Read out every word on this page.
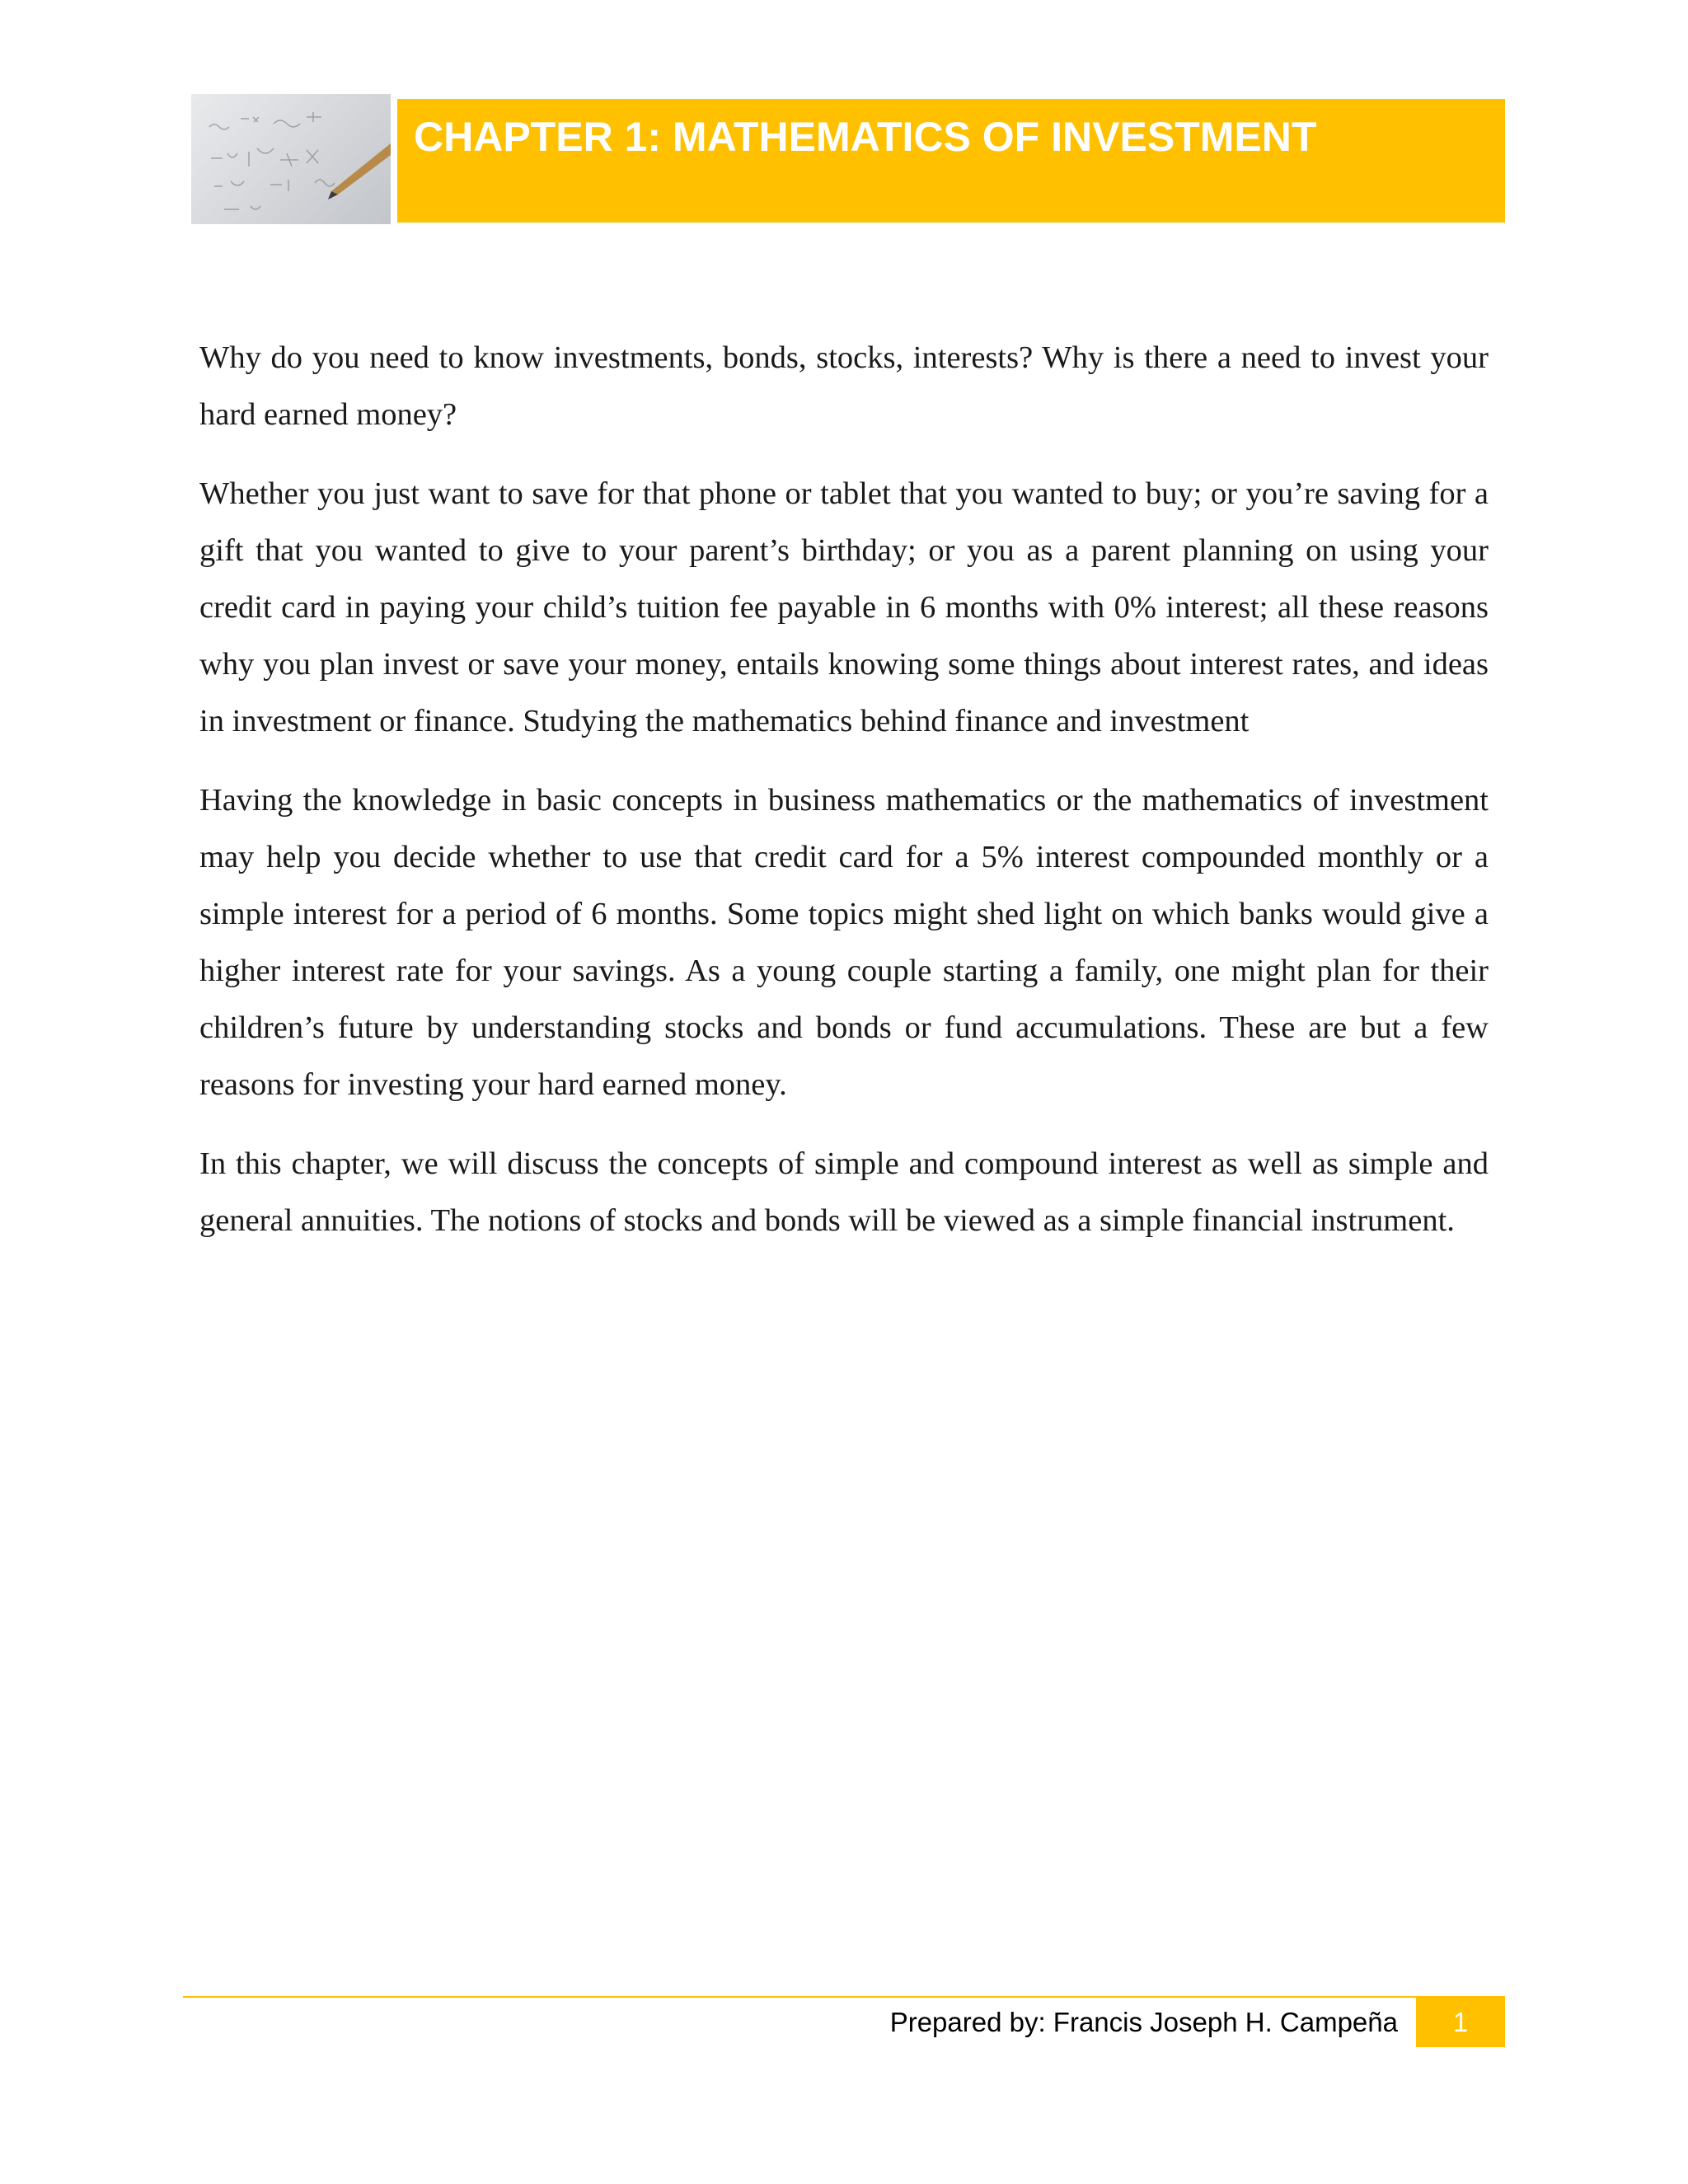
CHAPTER 1: MATHEMATICS OF INVESTMENT

Why do you need to know investments, bonds, stocks, interests? Why is there a need to invest your hard earned money?

Whether you just want to save for that phone or tablet that you wanted to buy; or you’re saving for a gift that you wanted to give to your parent’s birthday; or you as a parent planning on using your credit card in paying your child’s tuition fee payable in 6 months with 0% interest; all these reasons why you plan invest or save your money, entails knowing some things about interest rates, and ideas in investment or finance. Studying the mathematics behind finance and investment

Having the knowledge in basic concepts in business mathematics or the mathematics of investment may help you decide whether to use that credit card for a 5% interest compounded monthly or a simple interest for a period of 6 months. Some topics might shed light on which banks would give a higher interest rate for your savings. As a young couple starting a family, one might plan for their children’s future by understanding stocks and bonds or fund accumulations. These are but a few reasons for investing your hard earned money.

In this chapter, we will discuss the concepts of simple and compound interest as well as simple and general annuities. The notions of stocks and bonds will be viewed as a simple financial instrument.

Prepared by: Francis Joseph H. Campeña	1
